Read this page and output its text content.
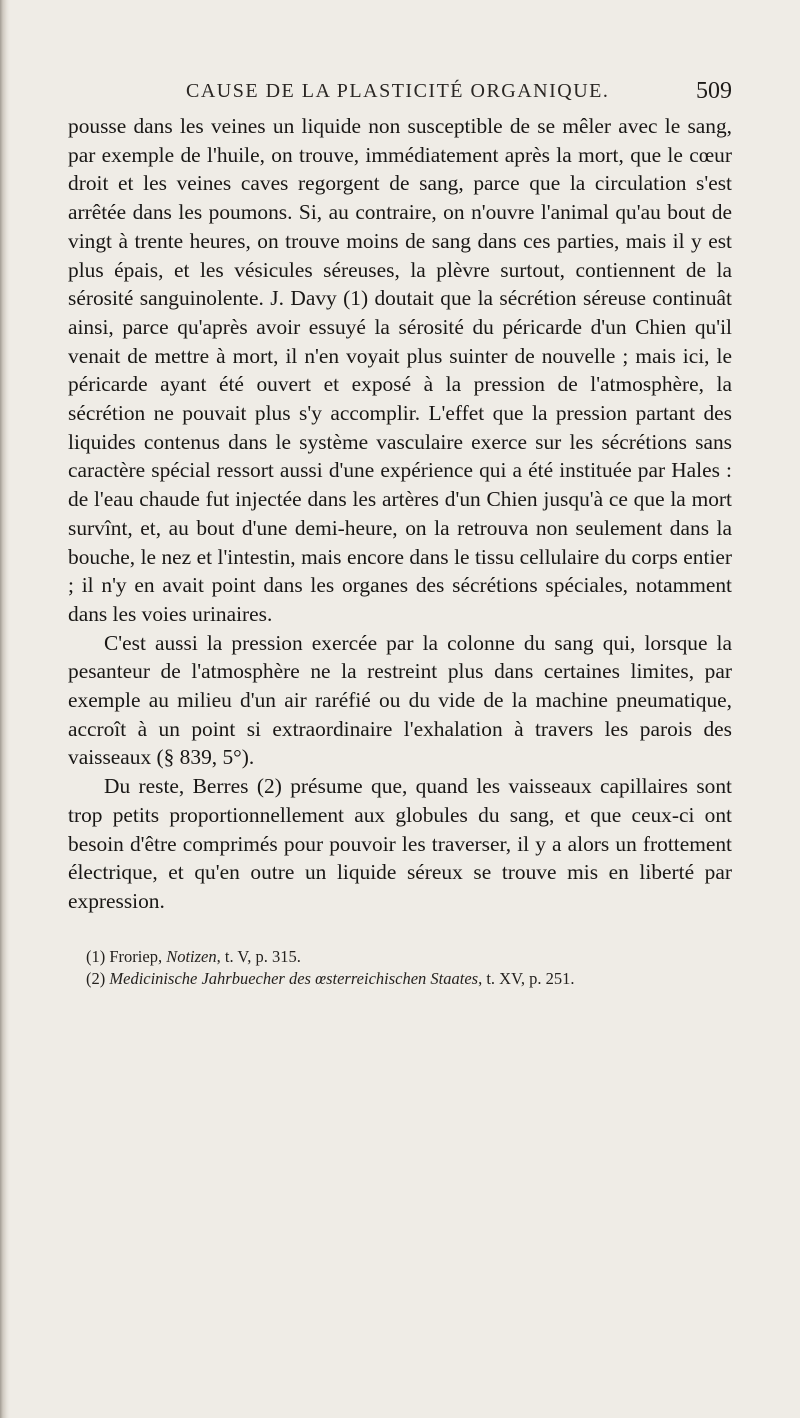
CAUSE DE LA PLASTICITÉ ORGANIQUE.	509

pousse dans les veines un liquide non susceptible de se mêler avec le sang, par exemple de l'huile, on trouve, immédiatement après la mort, que le cœur droit et les veines caves regorgent de sang, parce que la circulation s'est arrêtée dans les poumons. Si, au contraire, on n'ouvre l'animal qu'au bout de vingt à trente heures, on trouve moins de sang dans ces parties, mais il y est plus épais, et les vésicules séreuses, la plèvre surtout, contiennent de la sérosité sanguinolente. J. Davy (1) doutait que la sécrétion séreuse continuât ainsi, parce qu'après avoir essuyé la sérosité du péricarde d'un Chien qu'il venait de mettre à mort, il n'en voyait plus suinter de nouvelle ; mais ici, le péricarde ayant été ouvert et exposé à la pression de l'atmosphère, la sécrétion ne pouvait plus s'y accomplir. L'effet que la pression partant des liquides contenus dans le système vasculaire exerce sur les sécrétions sans caractère spécial ressort aussi d'une expérience qui a été instituée par Hales : de l'eau chaude fut injectée dans les artères d'un Chien jusqu'à ce que la mort survînt, et, au bout d'une demi-heure, on la retrouva non seulement dans la bouche, le nez et l'intestin, mais encore dans le tissu cellulaire du corps entier ; il n'y en avait point dans les organes des sécrétions spéciales, notamment dans les voies urinaires.

C'est aussi la pression exercée par la colonne du sang qui, lorsque la pesanteur de l'atmosphère ne la restreint plus dans certaines limites, par exemple au milieu d'un air raréfié ou du vide de la machine pneumatique, accroît à un point si extraordinaire l'exhalation à travers les parois des vaisseaux (§ 839, 5°).

Du reste, Berres (2) présume que, quand les vaisseaux capillaires sont trop petits proportionnellement aux globules du sang, et que ceux-ci ont besoin d'être comprimés pour pouvoir les traverser, il y a alors un frottement électrique, et qu'en outre un liquide séreux se trouve mis en liberté par expression.

(1) Froriep, Notizen, t. V, p. 315.

(2) Medicinische Jahrbuecher des œsterreichischen Staates, t. XV, p. 251.
